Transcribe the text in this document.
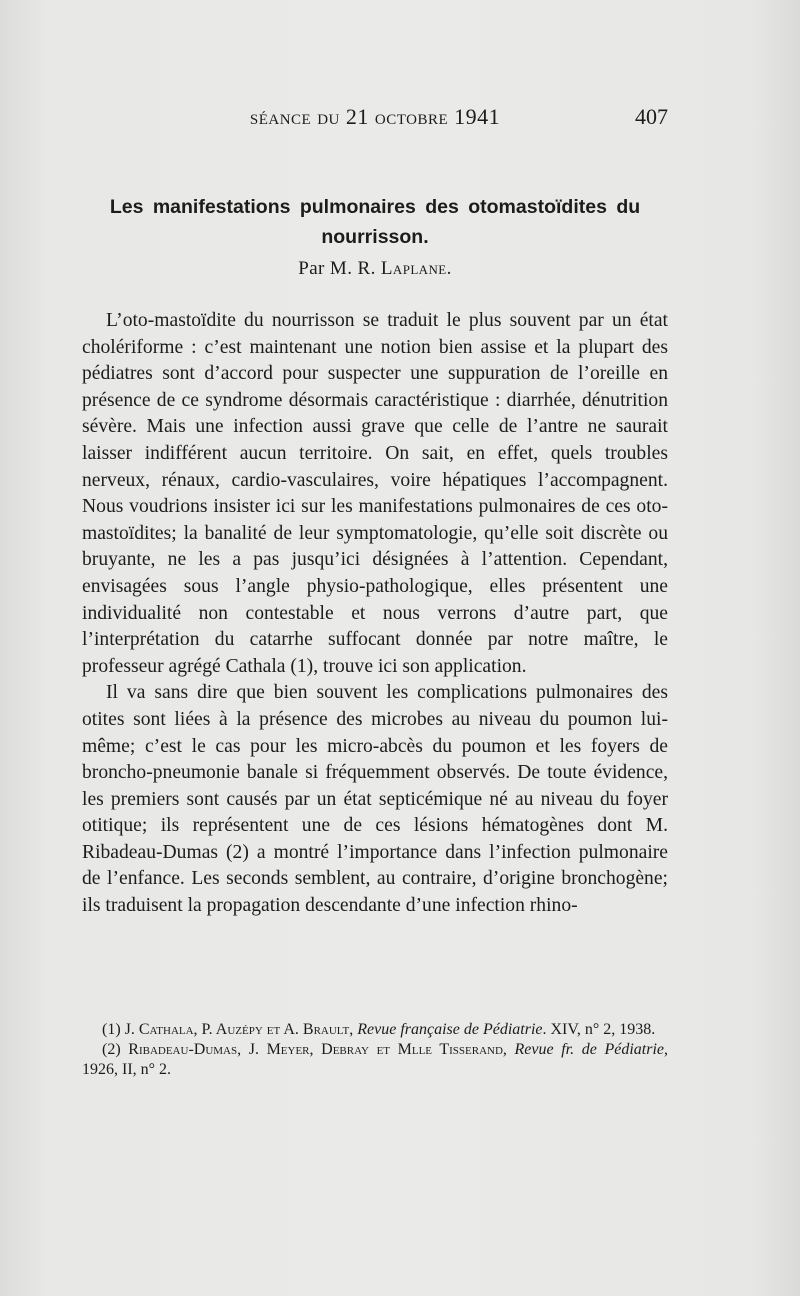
séance du 21 octobre 1941	407
Les manifestations pulmonaires des otomastoïdites du nourrisson.
Par M. R. Laplane.

L’oto-mastoïdite du nourrisson se traduit le plus souvent par un état cholériforme : c’est maintenant une notion bien assise et la plupart des pédiatres sont d’accord pour suspecter une suppuration de l’oreille en présence de ce syndrome désormais caractéristique : diarrhée, dénutrition sévère. Mais une infection aussi grave que celle de l’antre ne saurait laisser indifférent aucun territoire. On sait, en effet, quels troubles nerveux, rénaux, cardio-vasculaires, voire hépatiques l’accompagnent. Nous voudrions insister ici sur les manifestations pulmonaires de ces oto-mastoïdites; la banalité de leur symptomatologie, qu’elle soit discrète ou bruyante, ne les a pas jusqu’ici désignées à l’attention. Cependant, envisagées sous l’angle physio-pathologique, elles présentent une individualité non contestable et nous verrons d’autre part, que l’interprétation du catarrhe suffocant donnée par notre maître, le professeur agrégé Cathala (1), trouve ici son application.

Il va sans dire que bien souvent les complications pulmonaires des otites sont liées à la présence des microbes au niveau du poumon lui-même; c’est le cas pour les micro-abcès du poumon et les foyers de broncho-pneumonie banale si fréquemment observés. De toute évidence, les premiers sont causés par un état septicémique né au niveau du foyer otitique; ils représentent une de ces lésions hématogènes dont M. Ribadeau-Dumas (2) a montré l’importance dans l’infection pulmonaire de l’enfance. Les seconds semblent, au contraire, d’origine bronchogène; ils traduisent la propagation descendante d’une infection rhino-

(1) J. Cathala, P. Auzépy et A. Brault, Revue française de Pédiatrie. XIV, n° 2, 1938.

(2) Ribadeau-Dumas, J. Meyer, Debray et Mlle Tisserand, Revue fr. de Pédiatrie, 1926, II, n° 2.
